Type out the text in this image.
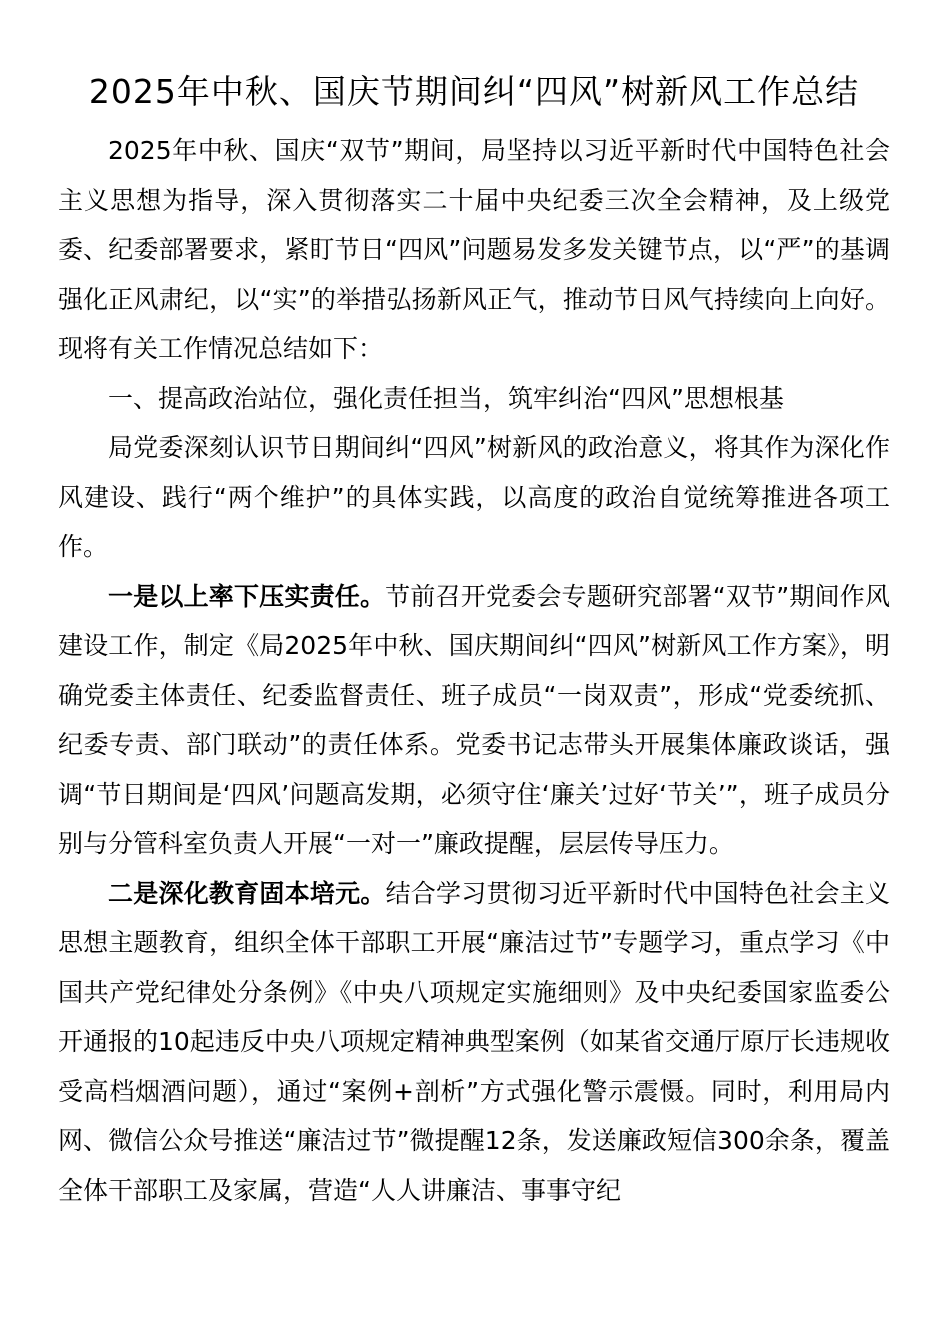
2025年中秋、国庆节期间纠“四风”树新风工作总结

2025年中秋、国庆“双节”期间，局坚持以习近平新时代中国特色社会主义思想为指导，深入贯彻落实二十届中央纪委三次全会精神，及上级党委、纪委部署要求，紧盯节日“四风”问题易发多发关键节点，以“严”的基调强化正风肃纪，以“实”的举措弘扬新风正气，推动节日风气持续向上向好。现将有关工作情况总结如下：

一、提高政治站位，强化责任担当，筑牢纠治“四风”思想根基

局党委深刻认识节日期间纠“四风”树新风的政治意义，将其作为深化作风建设、践行“两个维护”的具体实践，以高度的政治自觉统筹推进各项工作。

一是以上率下压实责任。节前召开党委会专题研究部署“双节”期间作风建设工作，制定《局2025年中秋、国庆期间纠“四风”树新风工作方案》，明确党委主体责任、纪委监督责任、班子成员“一岗双责”，形成“党委统抓、纪委专责、部门联动”的责任体系。党委书记志带头开展集体廉政谈话，强调“节日期间是‘四风’问题高发期，必须守住‘廉关’过好‘节关’”，班子成员分别与分管科室负责人开展“一对一”廉政提醒，层层传导压力。

二是深化教育固本培元。结合学习贯彻习近平新时代中国特色社会主义思想主题教育，组织全体干部职工开展“廉洁过节”专题学习，重点学习《中国共产党纪律处分条例》《中央八项规定实施细则》及中央纪委国家监委公开通报的10起违反中央八项规定精神典型案例（如某省交通厅原厅长违规收受高档烟酒问题），通过“案例+剖析”方式强化警示震慑。同时，利用局内网、微信公众号推送“廉洁过节”微提醒12条，发送廉政短信300余条，覆盖全体干部职工及家属，营造“人人讲廉洁、事事守纪
